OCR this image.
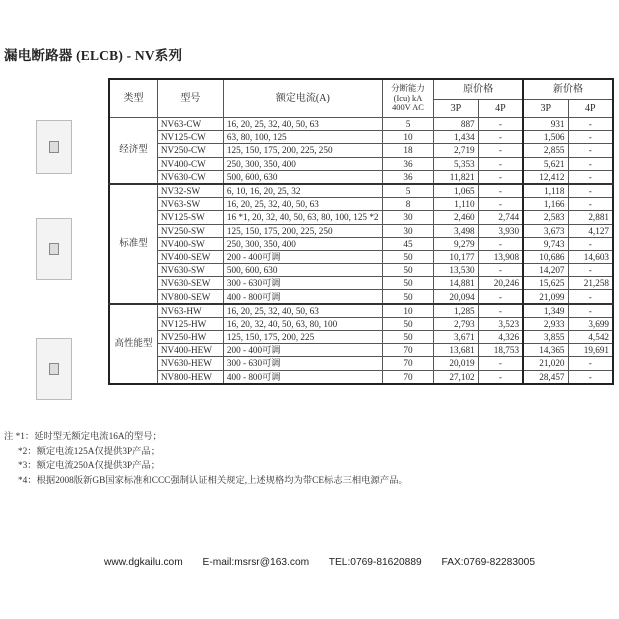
漏电断路器 (ELCB) - NV系列
类型	型号	额定电流(A)	分断能力
(Icu) kA
400V AC	原价格		新价格	
				3P	4P	3P	4P
经济型	NV63-CW	16, 20, 25, 32, 40, 50, 63	5	887	-	931	-
	NV125-CW	63, 80, 100, 125	10	1,434	-	1,506	-
	NV250-CW	125, 150, 175, 200, 225, 250	18	2,719	-	2,855	-
	NV400-CW	250, 300, 350, 400	36	5,353	-	5,621	-
	NV630-CW	500, 600, 630	36	11,821	-	12,412	-
标准型	NV32-SW	6, 10, 16, 20, 25, 32	5	1,065	-	1,118	-
	NV63-SW	16, 20, 25, 32, 40, 50, 63	8	1,110	-	1,166	-
	NV125-SW	16 *1, 20, 32, 40, 50, 63, 80, 100, 125 *2	30	2,460	2,744	2,583	2,881
	NV250-SW	125, 150, 175, 200, 225, 250	30	3,498	3,930	3,673	4,127
	NV400-SW	250, 300, 350, 400	45	9,279	-	9,743	-
	NV400-SEW	200 - 400可调	50	10,177	13,908	10,686	14,603
	NV630-SW	500, 600, 630	50	13,530	-	14,207	-
	NV630-SEW	300 - 630可调	50	14,881	20,246	15,625	21,258
	NV800-SEW	400 - 800可调	50	20,094	-	21,099	-
高性能型	NV63-HW	16, 20, 25, 32, 40, 50, 63	10	1,285	-	1,349	-
	NV125-HW	16, 20, 32, 40, 50, 63, 80, 100	50	2,793	3,523	2,933	3,699
	NV250-HW	125, 150, 175, 200, 225	50	3,671	4,326	3,855	4,542
	NV400-HEW	200 - 400可调	70	13,681	18,753	14,365	19,691
	NV630-HEW	300 - 630可调	70	20,019	-	21,020	-
	NV800-HEW	400 - 800可调	70	27,102	-	28,457	-
注 *1：延时型无额定电流16A的型号；
*2：额定电流125A仅提供3P产品；
*3：额定电流250A仅提供3P产品；
*4：根据2008版新GB国家标准和CCC强制认证相关规定,上述规格均为带CE标志三相电源产品。
www.dgkailu.com E-mail:msrsr@163.com TEL:0769-81620889 FAX:0769-82283005
